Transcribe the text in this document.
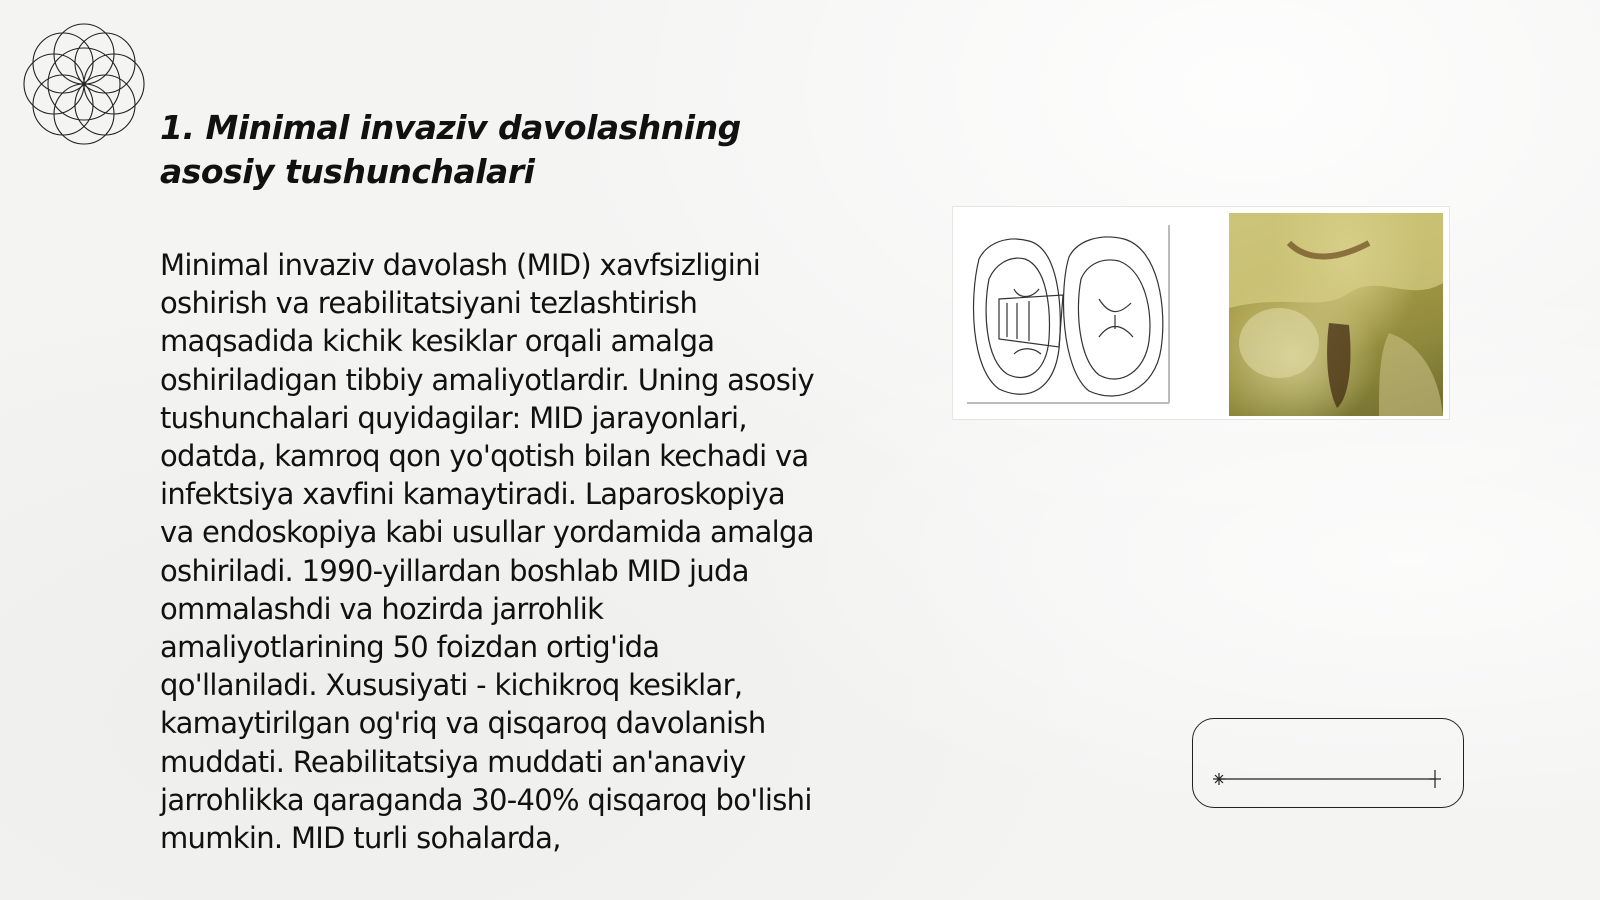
1. Minimal invaziv davolashning asosiy tushunchalari

Minimal invaziv davolash (MID) xavfsizligini oshirish va reabilitatsiyani tezlashtirish maqsadida kichik kesiklar orqali amalga oshiriladigan tibbiy amaliyotlardir. Uning asosiy tushunchalari quyidagilar: MID jarayonlari, odatda, kamroq qon yo'qotish bilan kechadi va infektsiya xavfini kamaytiradi. Laparoskopiya va endoskopiya kabi usullar yordamida amalga oshiriladi. 1990-yillardan boshlab MID juda ommalashdi va hozirda jarrohlik amaliyotlarining 50 foizdan ortig'ida qo'llaniladi. Xususiyati - kichikroq kesiklar, kamaytirilgan og'riq va qisqaroq davolanish muddati. Reabilitatsiya muddati an'anaviy jarrohlikka qaraganda 30-40% qisqaroq bo'lishi mumkin. MID turli sohalarda,
